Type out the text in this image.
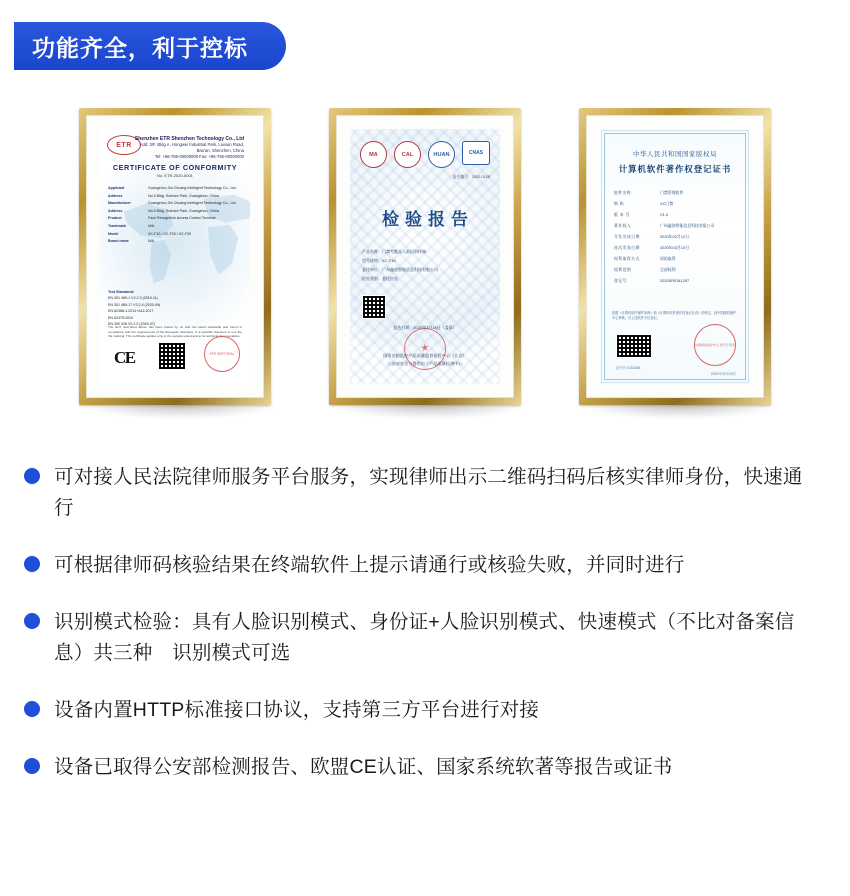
功能齐全，利于控标
ETR
Shenzhen ETR Shenzhen Technology Co., Ltd
Add: 3/F, Bldg A, Hongwei Industrial Park, Liuxian Road, Bao'an, Shenzhen, China
Tel: +86-755-00000000 Fax: +86-755-00000000
CERTIFICATE OF CONFORMITY
No. ETR-2020-0001
Applicant	Guangzhou Xin Chuang Intelligent Technology Co., Ltd.
Address	No.5 Bldg, Science Park, Guangzhou, China
Manufacturer	Guangzhou Xin Chuang Intelligent Technology Co., Ltd.
Address	No.5 Bldg, Science Park, Guangzhou, China
Product	Face Recognition Access Control Terminal
Trademark	N/A
Model	XC-F10 / XC-F20 / XC-F30
Brand name	N/A
Test Standards
EN 301 489-1 V2.2.3 (2019-11)
EN 301 489-17 V3.2.4 (2020-09)
EN 62368-1:2014+A11:2017
EN 62479:2010
EN 300 328 V2.2.2 (2019-07)
The EUT described above has been tested by us with the listed standards and found in compliance with the requirements of the European directives. It is possible therefore to use the CE marking. This certificate applies only to the sample tested and to its technical documentation.
CE	ETR CERT SEAL
MA	CAL	HUAN	CNAS
报告编号：2020-0128
检验报告
产品名称：门禁考勤及人脸识别终端
型号规格：XC-F10
委托单位：广州鑫创智能信息科技有限公司
检验类别：委托检验
报告日期：2020年3月18日（盖章）
★
国家安防监控产品质量监督检验中心（北京）
公安部安全与警用电子产品质量检测中心
中华人民共和国国家版权局
计算机软件著作权登记证书
软件名称	门禁管理软件
简 称	XC门禁
版 本 号	V1.0
著作权人	广州鑫创智能信息科技有限公司
开发完成日期	2020年02月12日
首次发表日期	2020年03月10日
权利取得方式	原始取得
权利范围	全部权利
登记号	2020SR0341297
依据《计算机软件保护条例》和《计算机软件著作权登记办法》的规定，经中国版权保护中心审核，对上述软件予以登记。
证书号 0152386
中国版权保护中心 登记专用章
2020年03月20日
可对接人民法院律师服务平台服务，实现律师出示二维码扫码后核实律师身份，快速通行
可根据律师码核验结果在终端软件上提示请通行或核验失败，并同时进行
识别模式检验：具有人脸识别模式、身份证+人脸识别模式、快速模式（不比对备案信息）共三种　识别模式可选
设备内置HTTP标准接口协议，支持第三方平台进行对接
设备已取得公安部检测报告、欧盟CE认证、国家系统软著等报告或证书
